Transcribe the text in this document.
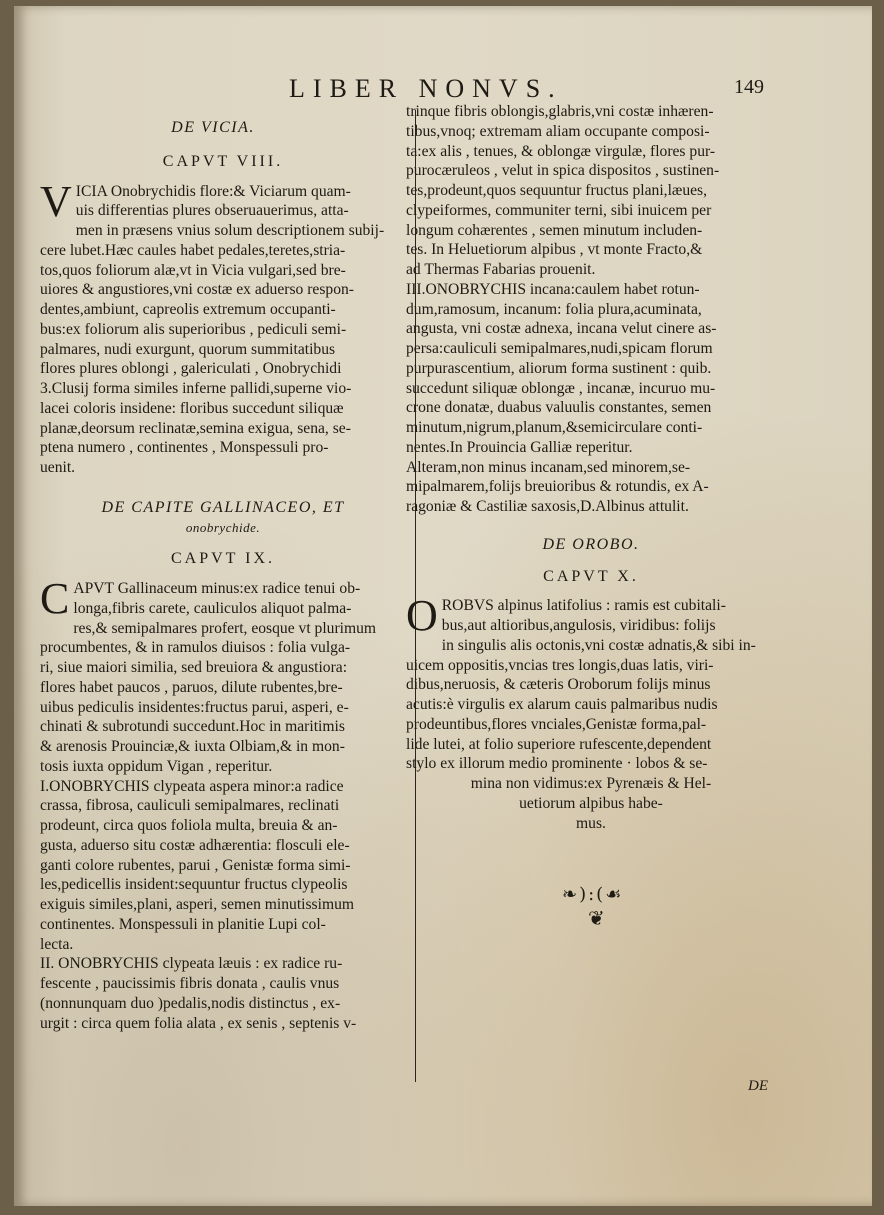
LIBER NONVS.	149
DE VICIA.
CAPVT VIII.
V ICIA Onobrychidis flore:& Viciarum quam-
uis differentias plures obseruauerimus, atta-
men in præsens vnius solum descriptionem subij-
cere lubet.Hæc caules habet pedales,teretes,stria-
tos,quos foliorum alæ,vt in Vicia vulgari,sed bre-
uiores & angustiores,vni costæ ex aduerso respon-
dentes,ambiunt, capreolis extremum occupanti-
bus:ex foliorum alis superioribus , pediculi semi-
palmares, nudi exurgunt, quorum summitatibus
flores plures oblongi , galericulati , Onobrychidi
3.Clusij forma similes inferne pallidi,superne vio-
lacei coloris insidene: floribus succedunt siliquæ
planæ,deorsum reclinatæ,semina exigua, sena, se-
ptena numero , continentes , Monspessuli pro-
uenit.
DE CAPITE GALLINACEO, ET
onobrychide.
CAPVT IX.
C APVT Gallinaceum minus:ex radice tenui ob-
longa,fibris carete, cauliculos aliquot palma-
res,& semipalmares profert, eosque vt plurimum
procumbentes, & in ramulos diuisos : folia vulga-
ri, siue maiori similia, sed breuiora & angustiora:
flores habet paucos , paruos, dilute rubentes,bre-
uibus pediculis insidentes:fructus parui, asperi, e-
chinati & subrotundi succedunt.Hoc in maritimis
& arenosis Prouinciæ,& iuxta Olbiam,& in mon-
tosis iuxta oppidum Vigan , reperitur.
I.ONOBRYCHIS clypeata aspera minor:a radice
crassa, fibrosa, cauliculi semipalmares, reclinati
prodeunt, circa quos foliola multa, breuia & an-
gusta, aduerso situ costæ adhærentia: flosculi ele-
ganti colore rubentes, parui , Genistæ forma simi-
les,pedicellis insident:sequuntur fructus clypeolis
exiguis similes,plani, asperi, semen minutissimum
continentes. Monspessuli in planitie Lupi col-
lecta.
II. ONOBRYCHIS clypeata læuis : ex radice ru-
fescente , paucissimis fibris donata , caulis vnus
(nonnunquam duo )pedalis,nodis distinctus , ex-
urgit : circa quem folia alata , ex senis , septenis v-
trinque fibris oblongis,glabris,vni costæ inhæren-
tibus,vnoq; extremam aliam occupante composi-
ta:ex alis , tenues, & oblongæ virgulæ, flores pur-
purocæruleos , velut in spica dispositos , sustinen-
tes,prodeunt,quos sequuntur fructus plani,læues,
clypeiformes, communiter terni, sibi inuicem per
longum cohærentes , semen minutum includen-
tes. In Heluetiorum alpibus , vt monte Fracto,&
ad Thermas Fabarias prouenit.
III.ONOBRYCHIS incana:caulem habet rotun-
dum,ramosum, incanum: folia plura,acuminata,
angusta, vni costæ adnexa, incana velut cinere as-
persa:cauliculi semipalmares,nudi,spicam florum
purpurascentium, aliorum forma sustinent : quib.
succedunt siliquæ oblongæ , incanæ, incuruo mu-
crone donatæ, duabus valuulis constantes, semen
minutum,nigrum,planum,&semicirculare conti-
nentes.In Prouincia Galliæ reperitur.
Alteram,non minus incanam,sed minorem,se-
mipalmarem,folijs breuioribus & rotundis, ex A-
ragoniæ & Castiliæ saxosis,D.Albinus attulit.
DE OROBO.
CAPVT X.
O ROBVS alpinus latifolius : ramis est cubitali-
bus,aut altioribus,angulosis, viridibus: folijs
in singulis alis octonis,vni costæ adnatis,& sibi in-
uicem oppositis,vncias tres longis,duas latis, viri-
dibus,neruosis, & cæteris Oroborum folijs minus
acutis:è virgulis ex alarum cauis palmaribus nudis
prodeuntibus,flores vnciales,Genistæ forma,pal-
lide lutei, at folio superiore rufescente,dependent
stylo ex illorum medio prominente · lobos & se-
mina non vidimus:ex Pyrenæis & Hel-
uetiorum alpibus habe-
mus.
❧):(☙
❦
DE
